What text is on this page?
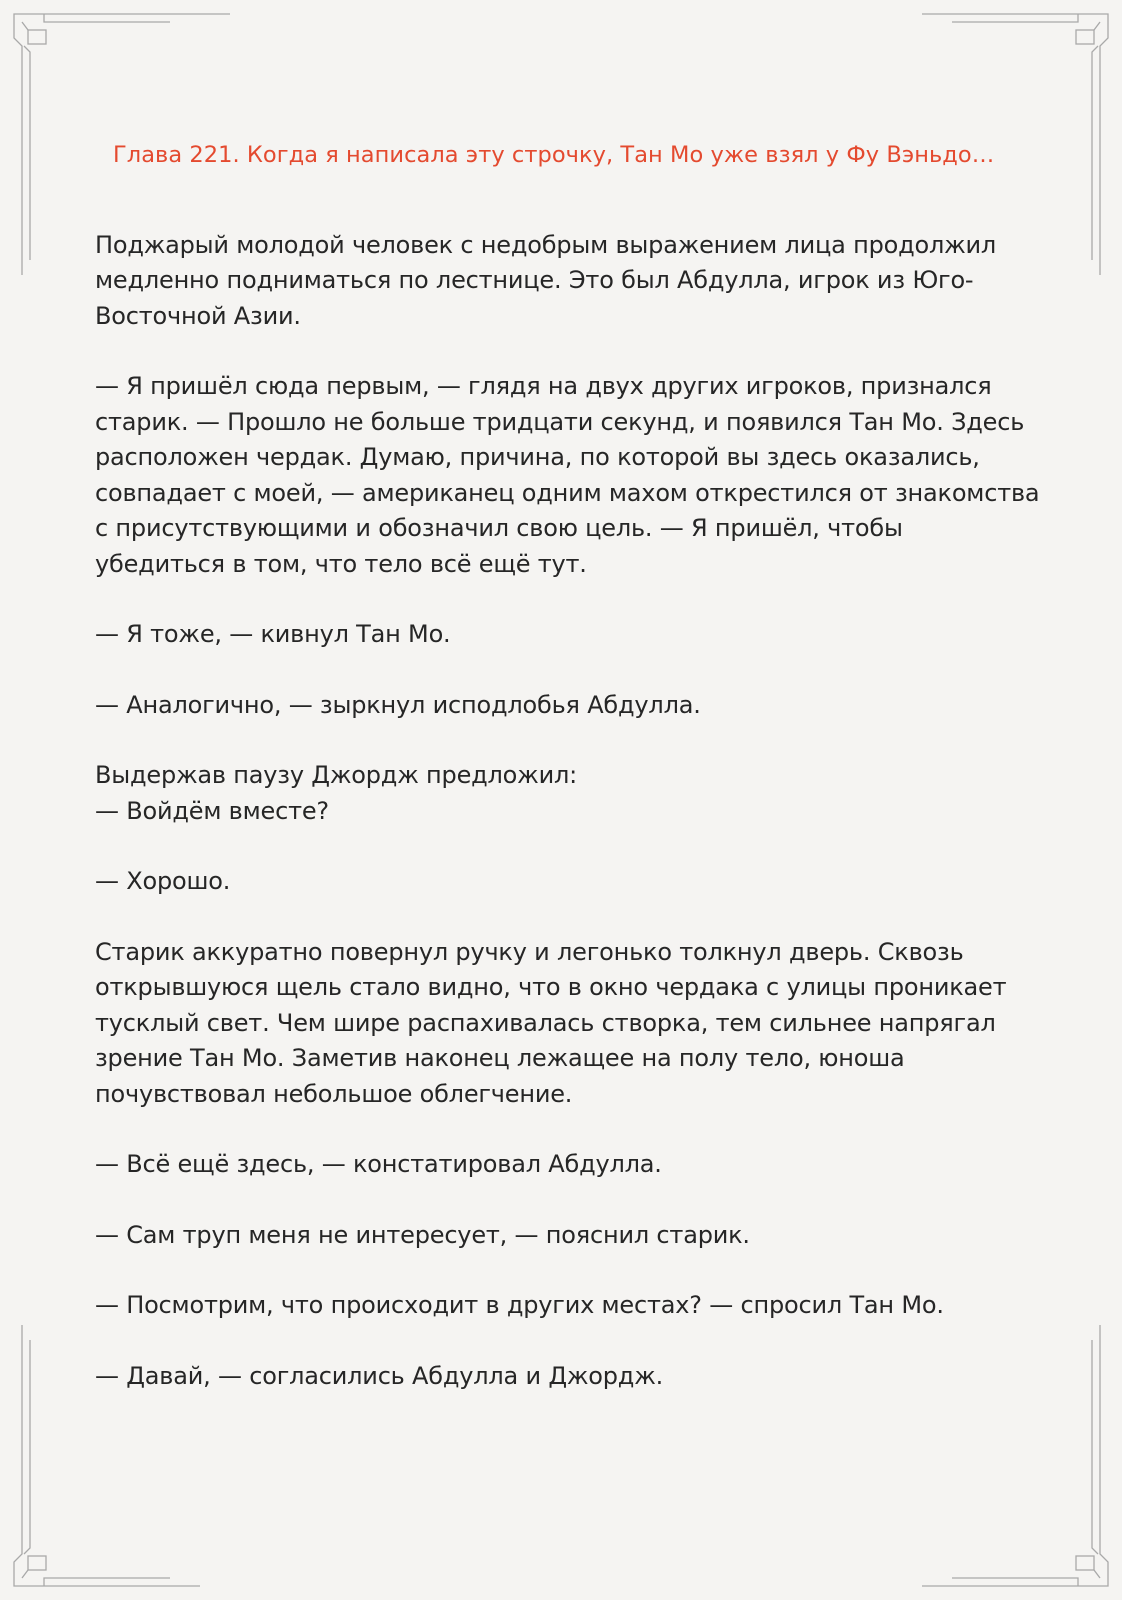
Глава 221. Когда я написала эту строчку, Тан Мо уже взял у Фу Вэньдо…

Поджарый молодой человек с недобрым выражением лица продолжил
медленно подниматься по лестнице. Это был Абдулла, игрок из Юго-
Восточной Азии.

— Я пришёл сюда первым, — глядя на двух других игроков, признался
старик. — Прошло не больше тридцати секунд, и появился Тан Мо. Здесь
расположен чердак. Думаю, причина, по которой вы здесь оказались,
совпадает с моей, — американец одним махом открестился от знакомства
с присутствующими и обозначил свою цель. — Я пришёл, чтобы
убедиться в том, что тело всё ещё тут.

— Я тоже, — кивнул Тан Мо.

— Аналогично, — зыркнул исподлобья Абдулла.

Выдержав паузу Джордж предложил:
— Войдём вместе?

— Хорошо.

Старик аккуратно повернул ручку и легонько толкнул дверь. Сквозь
открывшуюся щель стало видно, что в окно чердака с улицы проникает
тусклый свет. Чем шире распахивалась створка, тем сильнее напрягал
зрение Тан Мо. Заметив наконец лежащее на полу тело, юноша
почувствовал небольшое облегчение.

— Всё ещё здесь, — констатировал Абдулла.

— Сам труп меня не интересует, — пояснил старик.

— Посмотрим, что происходит в других местах? — спросил Тан Мо.

— Давай, — согласились Абдулла и Джордж.
